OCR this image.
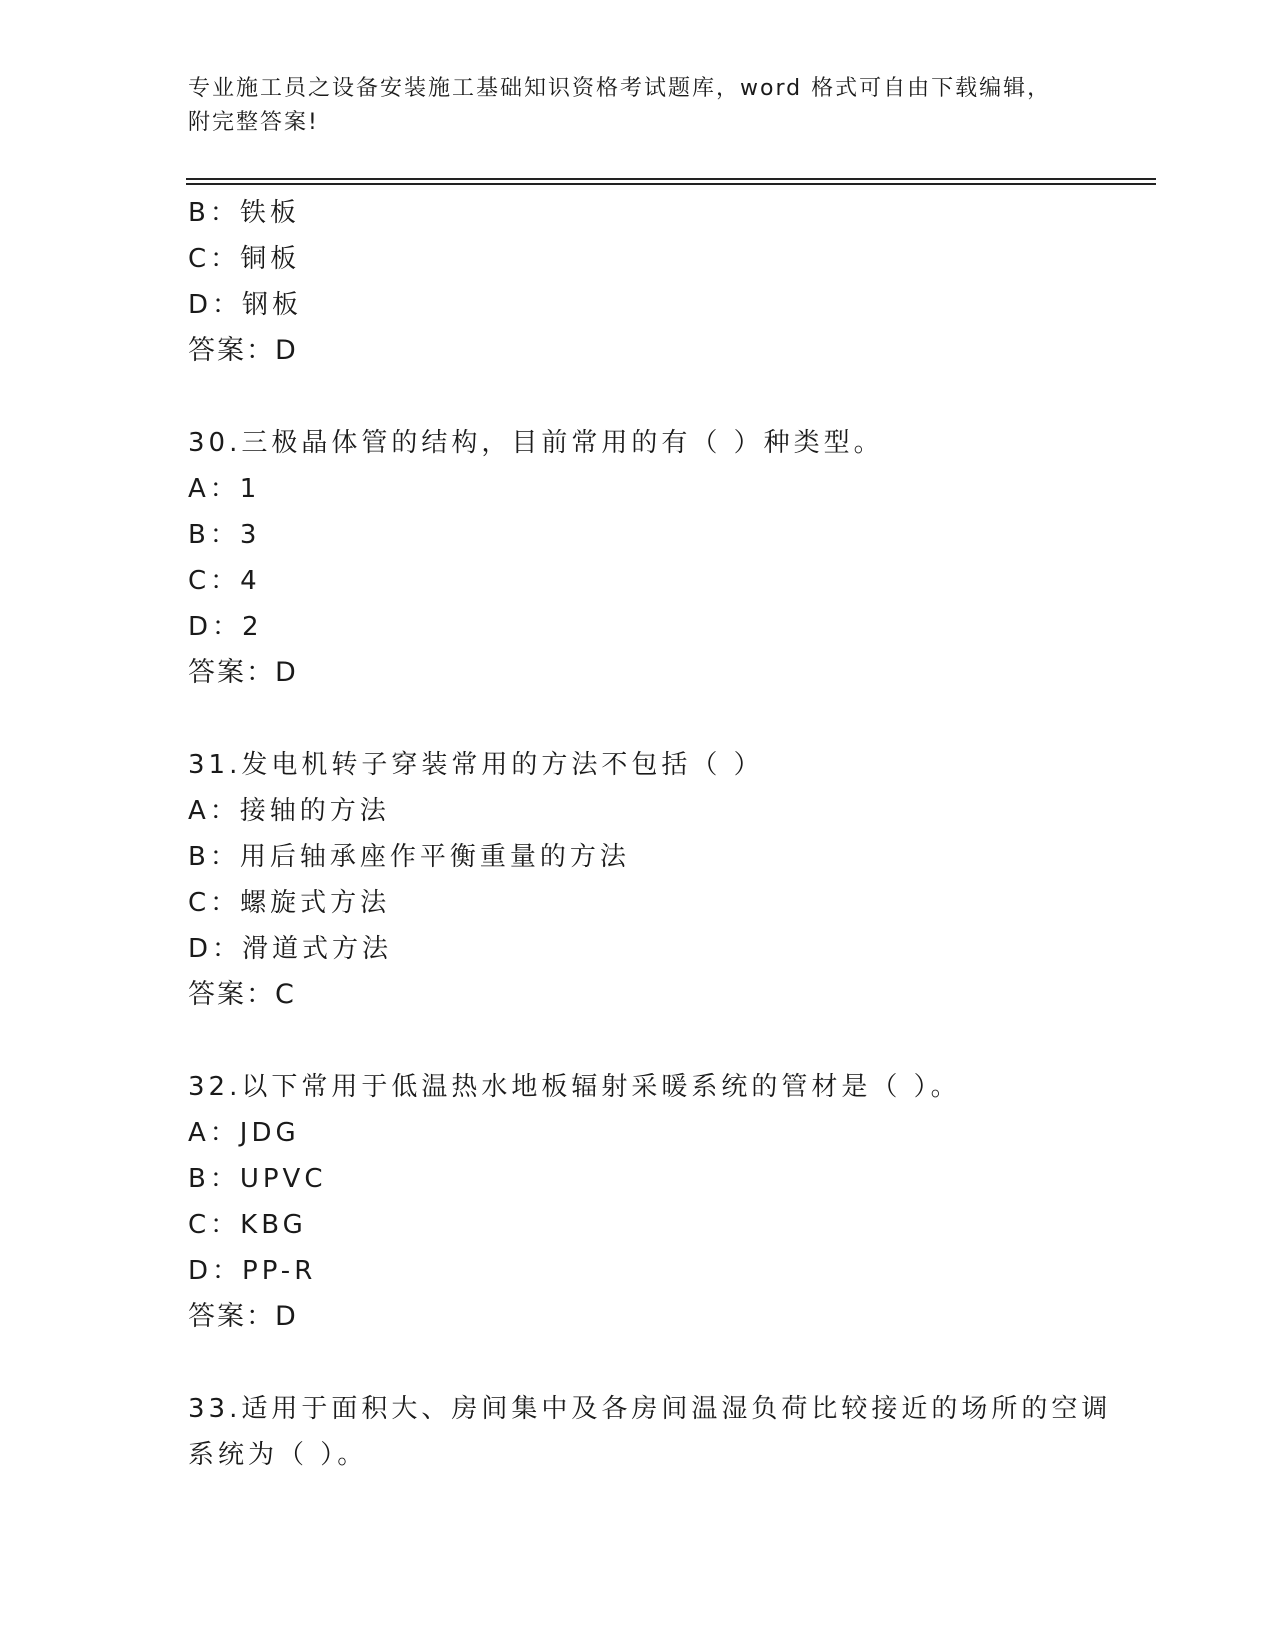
专业施工员之设备安装施工基础知识资格考试题库，word 格式可自由下载编辑，
附完整答案!
B：铁板
C：铜板
D：钢板
答案：D
30.三极晶体管的结构，目前常用的有（ ）种类型。
A：1
B：3
C：4
D：2
答案：D
31.发电机转子穿装常用的方法不包括（ ）
A：接轴的方法
B：用后轴承座作平衡重量的方法
C：螺旋式方法
D：滑道式方法
答案：C
32.以下常用于低温热水地板辐射采暖系统的管材是（ ）。
A：JDG
B：UPVC
C：KBG
D：PP-R
答案：D
33.适用于面积大、房间集中及各房间温湿负荷比较接近的场所的空调
系统为（ ）。
